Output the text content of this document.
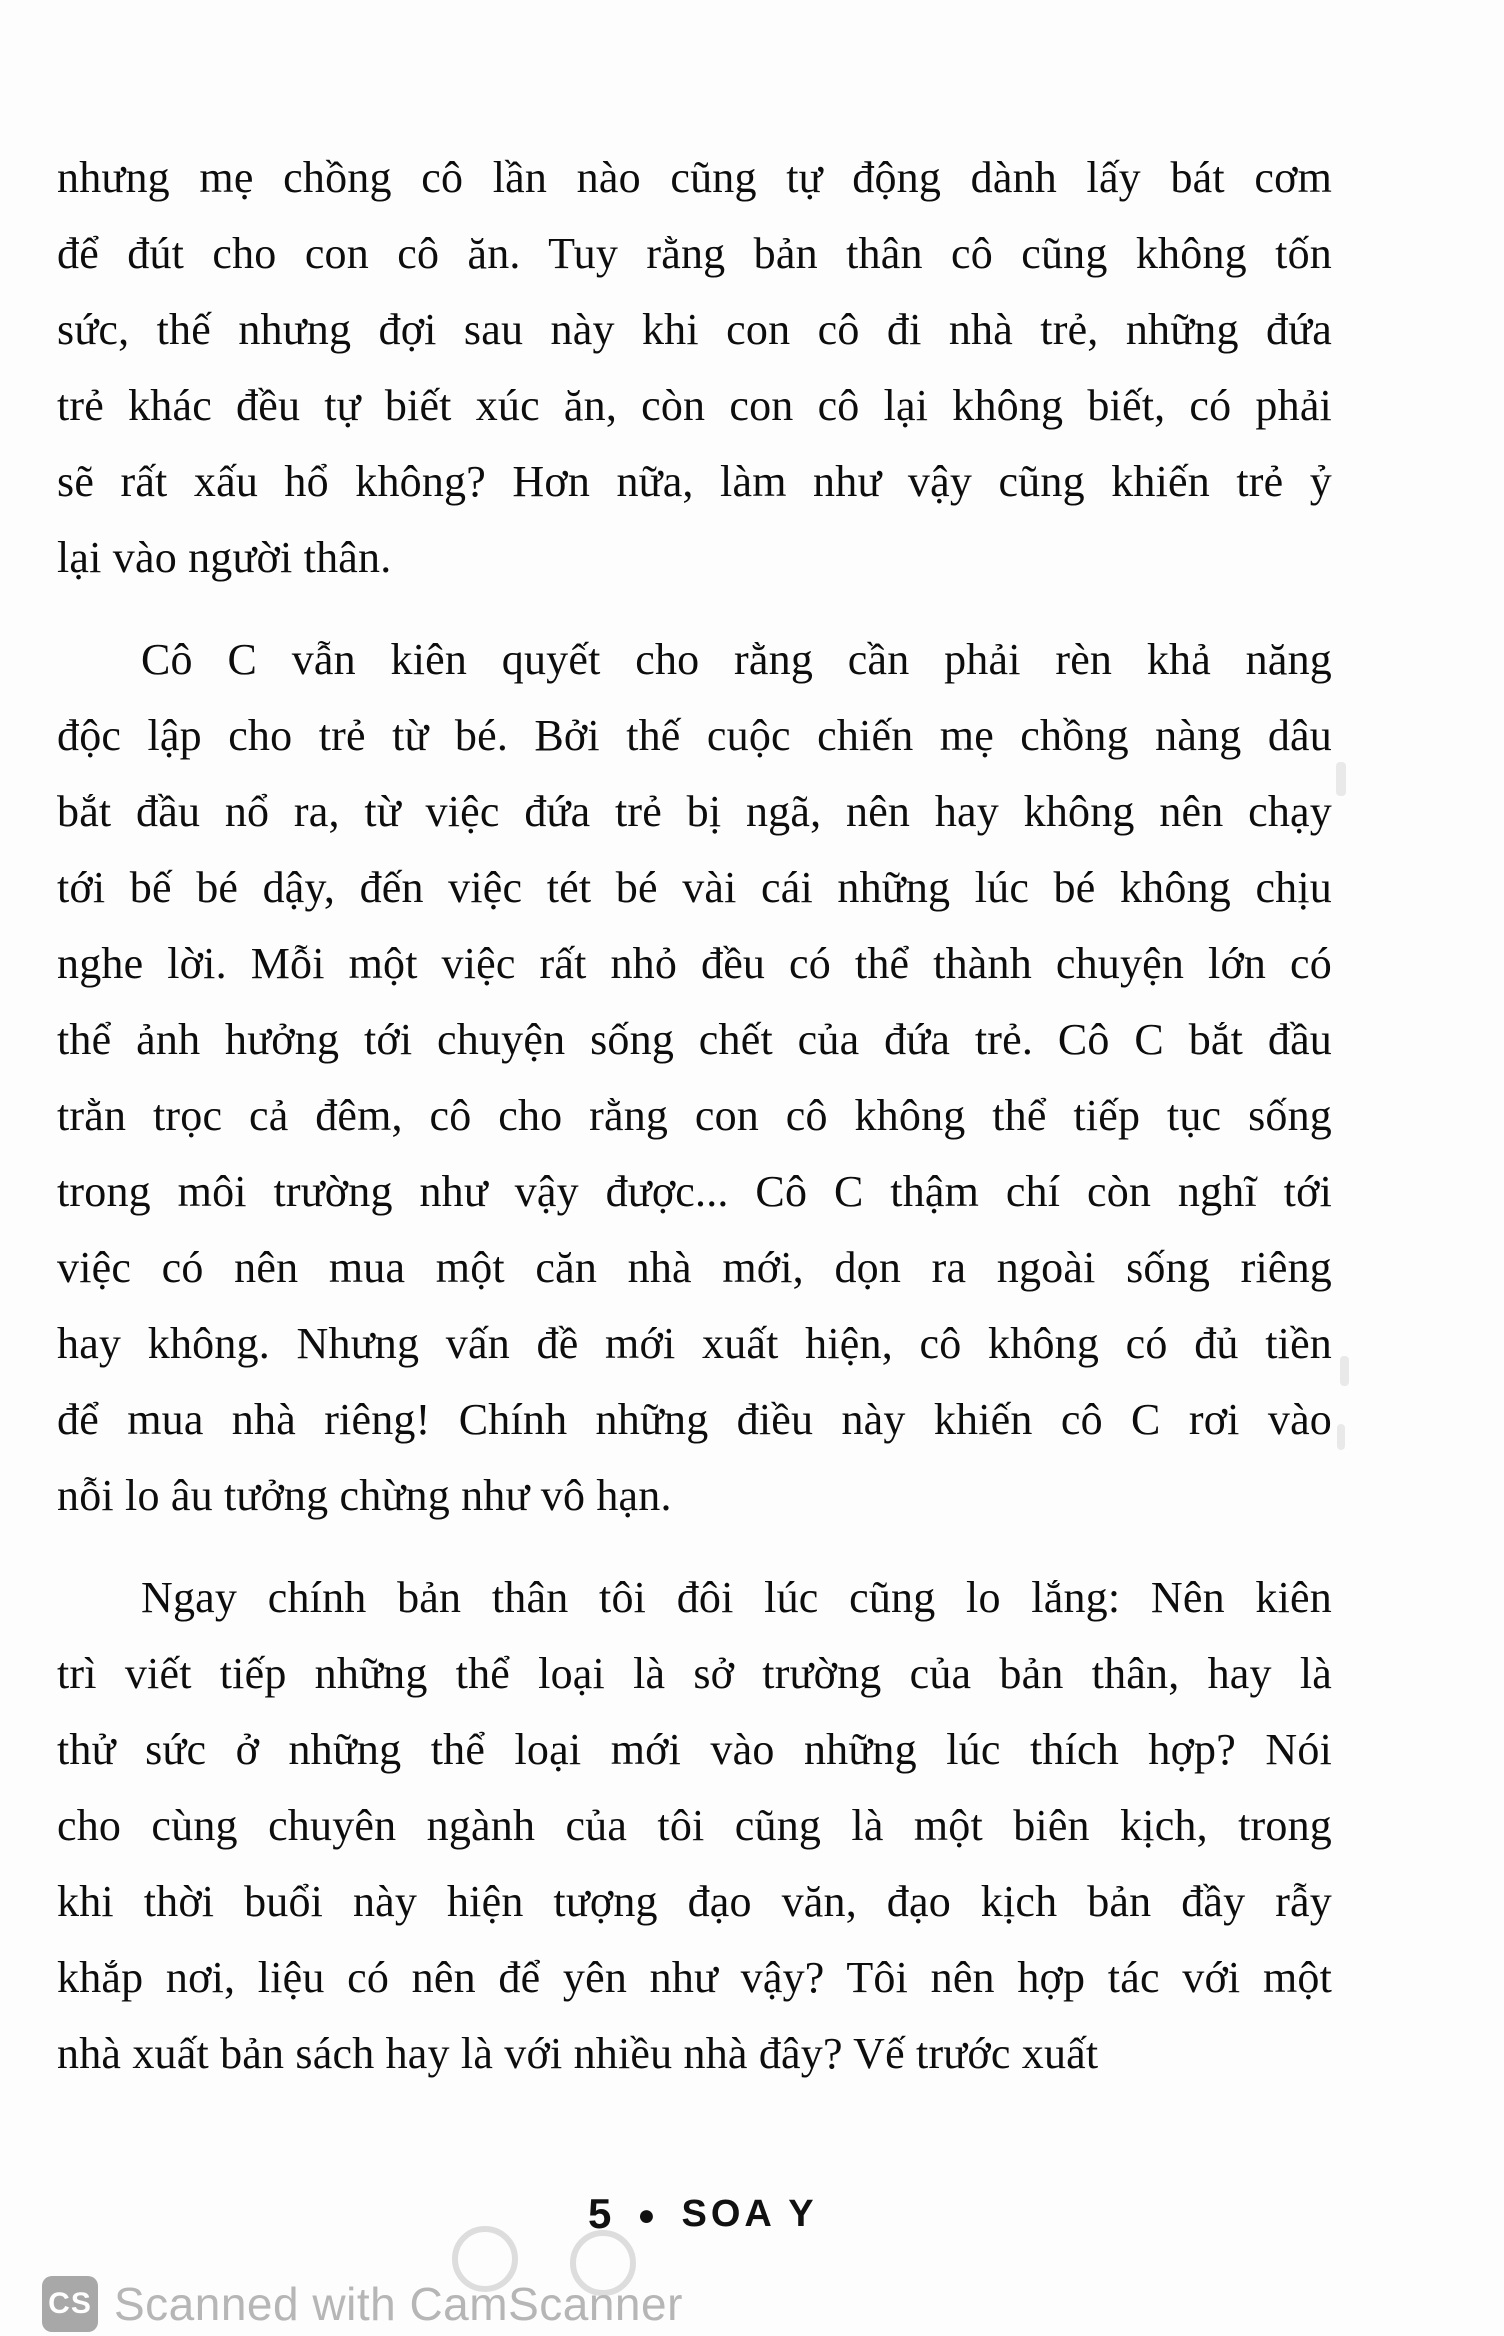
nhưng mẹ chồng cô lần nào cũng tự động dành lấy bát cơm
để đút cho con cô ăn. Tuy rằng bản thân cô cũng không tốn
sức, thế nhưng đợi sau này khi con cô đi nhà trẻ, những đứa
trẻ khác đều tự biết xúc ăn, còn con cô lại không biết, có phải
sẽ rất xấu hổ không? Hơn nữa, làm như vậy cũng khiến trẻ ỷ
lại vào người thân.
Cô C vẫn kiên quyết cho rằng cần phải rèn khả năng
độc lập cho trẻ từ bé. Bởi thế cuộc chiến mẹ chồng nàng dâu
bắt đầu nổ ra, từ việc đứa trẻ bị ngã, nên hay không nên chạy
tới bế bé dậy, đến việc tét bé vài cái những lúc bé không chịu
nghe lời. Mỗi một việc rất nhỏ đều có thể thành chuyện lớn có
thể ảnh hưởng tới chuyện sống chết của đứa trẻ. Cô C bắt đầu
trằn trọc cả đêm, cô cho rằng con cô không thể tiếp tục sống
trong môi trường như vậy được... Cô C thậm chí còn nghĩ tới
việc có nên mua một căn nhà mới, dọn ra ngoài sống riêng
hay không. Nhưng vấn đề mới xuất hiện, cô không có đủ tiền
để mua nhà riêng! Chính những điều này khiến cô C rơi vào
nỗi lo âu tưởng chừng như vô hạn.
Ngay chính bản thân tôi đôi lúc cũng lo lắng: Nên kiên
trì viết tiếp những thể loại là sở trường của bản thân, hay là
thử sức ở những thể loại mới vào những lúc thích hợp? Nói
cho cùng chuyên ngành của tôi cũng là một biên kịch, trong
khi thời buổi này hiện tượng đạo văn, đạo kịch bản đầy rẫy
khắp nơi, liệu có nên để yên như vậy? Tôi nên hợp tác với một
nhà xuất bản sách hay là với nhiều nhà đây? Vế trước xuất
5 ● SOA Y
CS Scanned with CamScanner
